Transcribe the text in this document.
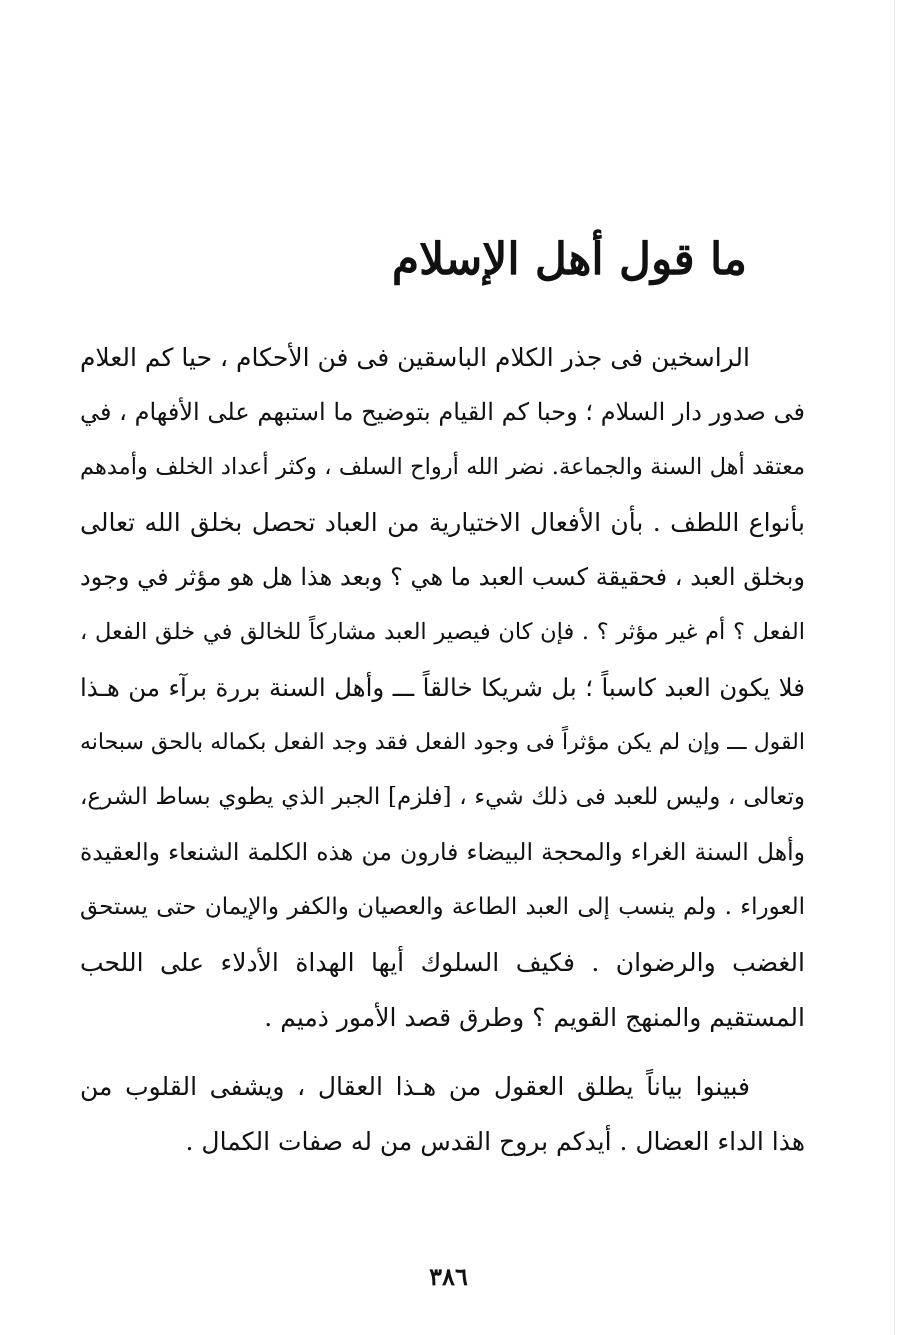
ما قول أهل الإسلام
الراسخين فى جذر الكلام الباسقين فى فن الأحكام ، حيا كم العلام
فى صدور دار السلام ؛ وحبا كم القيام بتوضيح ما استبهم على الأفهام ، في
معتقد أهل السنة والجماعة. نضر الله أرواح السلف ، وكثر أعداد الخلف وأمدهم
بأنواع اللطف . بأن الأفعال الاختيارية من العباد تحصل بخلق الله تعالى
وبخلق العبد ، فحقيقة كسب العبد ما هي ؟ وبعد هذا هل هو مؤثر في وجود
الفعل ؟ أم غير مؤثر ؟ . فإن كان فيصير العبد مشاركاً للخالق في خلق الفعل ،
فلا يكون العبد كاسباً ؛ بل شريكا خالقاً ـــ وأهل السنة بررة برآء من هـذا
القول ـــ وإن لم يكن مؤثراً فى وجود الفعل فقد وجد الفعل بكماله بالحق سبحانه
وتعالى ، وليس للعبد فى ذلك شيء ، [فلزم] الجبر الذي يطوي بساط الشرع،
وأهل السنة الغراء والمحجة البيضاء فارون من هذه الكلمة الشنعاء والعقيدة
العوراء . ولم ينسب إلى العبد الطاعة والعصيان والكفر والإيمان حتى يستحق
الغضب والرضوان . فكيف السلوك أيها الهداة الأدلاء على اللحب
المستقيم والمنهج القويم ؟ وطرق قصد الأمور ذميم .
فبينوا بياناً يطلق العقول من هـذا العقال ، ويشفى القلوب من
هذا الداء العضال . أيدكم بروح القدس من له صفات الكمال .
٣٨٦
